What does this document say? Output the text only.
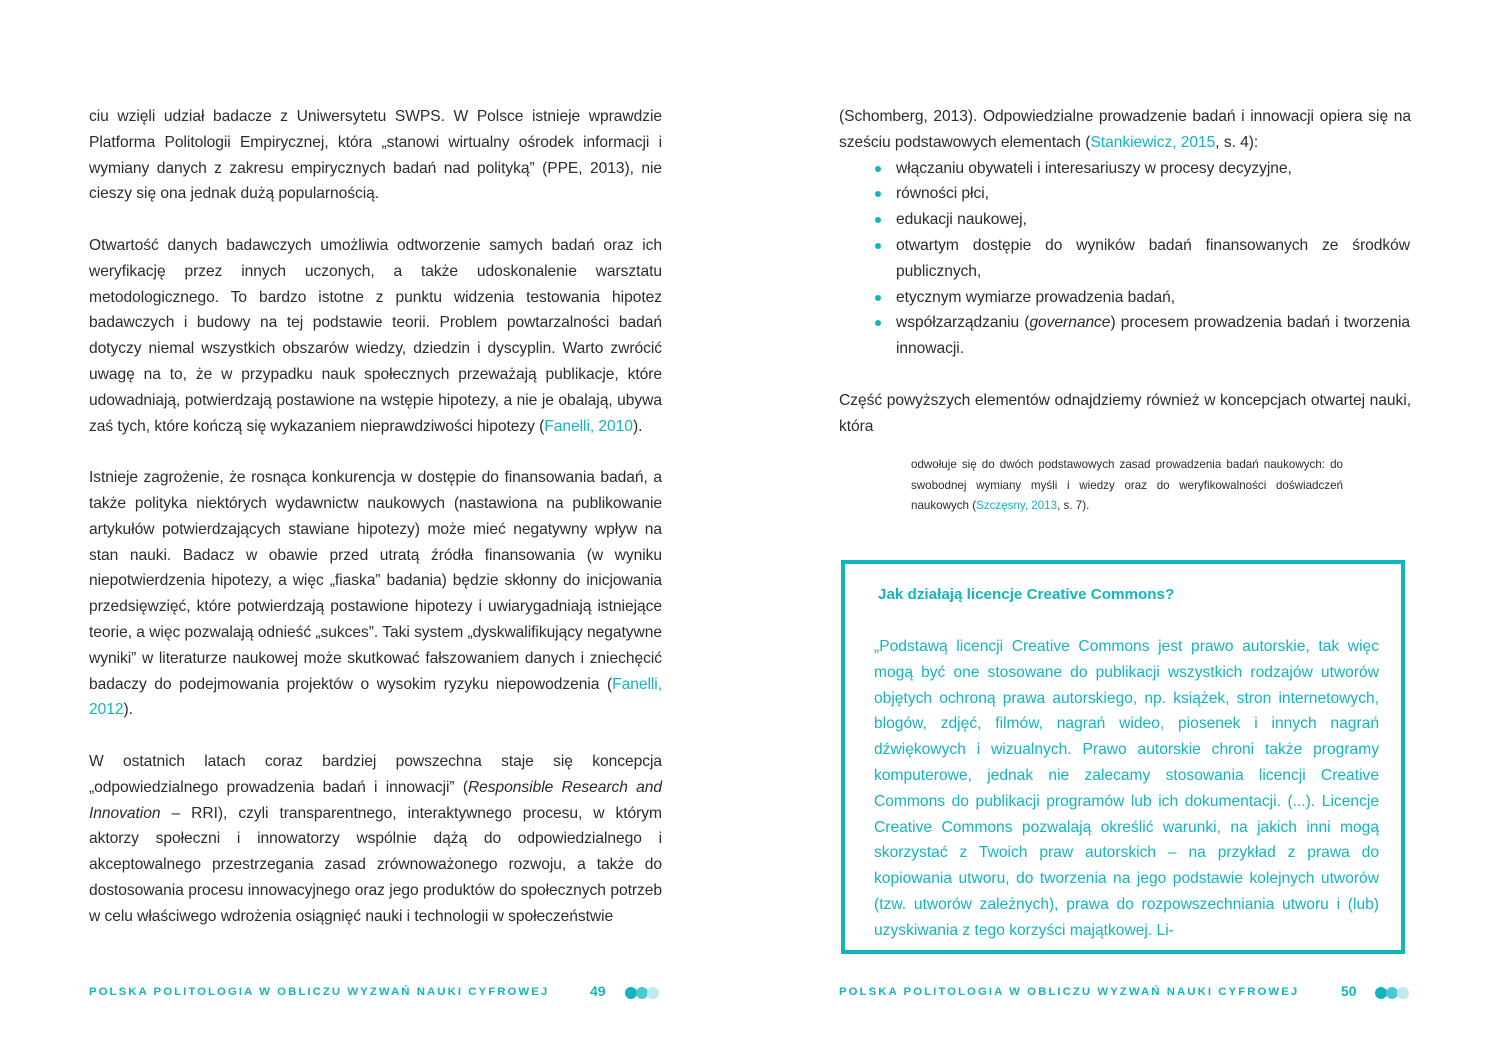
ciu wzięli udział badacze z Uniwersytetu SWPS. W Polsce istnieje wprawdzie Platforma Politologii Empirycznej, która „stanowi wirtualny ośrodek informacji i wymiany danych z zakresu empirycznych badań nad polityką” (PPE, 2013), nie cieszy się ona jednak dużą popularnością.

Otwartość danych badawczych umożliwia odtworzenie samych badań oraz ich weryfikację przez innych uczonych, a także udoskonalenie warsztatu metodologicznego. To bardzo istotne z punktu widzenia testowania hipotez badawczych i budowy na tej podstawie teorii. Problem powtarzalności badań dotyczy niemal wszystkich obszarów wiedzy, dziedzin i dyscyplin. Warto zwrócić uwagę na to, że w przypadku nauk społecznych przeważają publikacje, które udowadniają, potwierdzają postawione na wstępie hipotezy, a nie je obalają, ubywa zaś tych, które kończą się wykazaniem nieprawdziwości hipotezy (Fanelli, 2010).

Istnieje zagrożenie, że rosnąca konkurencja w dostępie do finansowania badań, a także polityka niektórych wydawnictw naukowych (nastawiona na publikowanie artykułów potwierdzających stawiane hipotezy) może mieć negatywny wpływ na stan nauki. Badacz w obawie przed utratą źródła finansowania (w wyniku niepotwierdzenia hipotezy, a więc „fiaska” badania) będzie skłonny do inicjowania przedsięwzięć, które potwierdzają postawione hipotezy i uwiarygadniają istniejące teorie, a więc pozwalają odnieść „sukces”. Taki system „dyskwalifikujący negatywne wyniki” w literaturze naukowej może skutkować fałszowaniem danych i zniechęcić badaczy do podejmowania projektów o wysokim ryzyku niepowodzenia (Fanelli, 2012).

W ostatnich latach coraz bardziej powszechna staje się koncepcja „odpowiedzialnego prowadzenia badań i innowacji” (Responsible Research and Innovation – RRI), czyli transparentnego, interaktywnego procesu, w którym aktorzy społeczni i innowatorzy wspólnie dążą do odpowiedzialnego i akceptowalnego przestrzegania zasad zrównoważonego rozwoju, a także do dostosowania procesu innowacyjnego oraz jego produktów do społecznych potrzeb w celu właściwego wdrożenia osiągnięć nauki i technologii w społeczeństwie

POLSKA POLITOLOGIA W OBLICZU WYZWAŃ NAUKI CYFROWEJ	49

(Schomberg, 2013). Odpowiedzialne prowadzenie badań i innowacji opiera się na sześciu podstawowych elementach (Stankiewicz, 2015, s. 4):

włączaniu obywateli i interesariuszy w procesy decyzyjne,
równości płci,
edukacji naukowej,
otwartym dostępie do wyników badań finansowanych ze środków publicznych,
etycznym wymiarze prowadzenia badań,
współzarządzaniu (governance) procesem prowadzenia badań i tworzenia innowacji.

Część powyższych elementów odnajdziemy również w koncepcjach otwartej nauki, która

odwołuje się do dwóch podstawowych zasad prowadzenia badań naukowych: do swobodnej wymiany myśli i wiedzy oraz do weryfikowalności doświadczeń naukowych (Szczęsny, 2013, s. 7).
Jak działają licencje Creative Commons?
„Podstawą licencji Creative Commons jest prawo autorskie, tak więc mogą być one stosowane do publikacji wszystkich rodzajów utworów objętych ochroną prawa autorskiego, np. książek, stron internetowych, blogów, zdjęć, filmów, nagrań wideo, piosenek i innych nagrań dźwiękowych i wizualnych. Prawo autorskie chroni także programy komputerowe, jednak nie zalecamy stosowania licencji Creative Commons do publikacji programów lub ich dokumentacji. (...). Licencje Creative Commons pozwalają określić warunki, na jakich inni mogą skorzystać z Twoich praw autorskich – na przykład z prawa do kopiowania utworu, do tworzenia na jego podstawie kolejnych utworów (tzw. utworów zależnych), prawa do rozpowszechniania utworu i (lub) uzyskiwania z tego korzyści majątkowej. Li-
POLSKA POLITOLOGIA W OBLICZU WYZWAŃ NAUKI CYFROWEJ	50
